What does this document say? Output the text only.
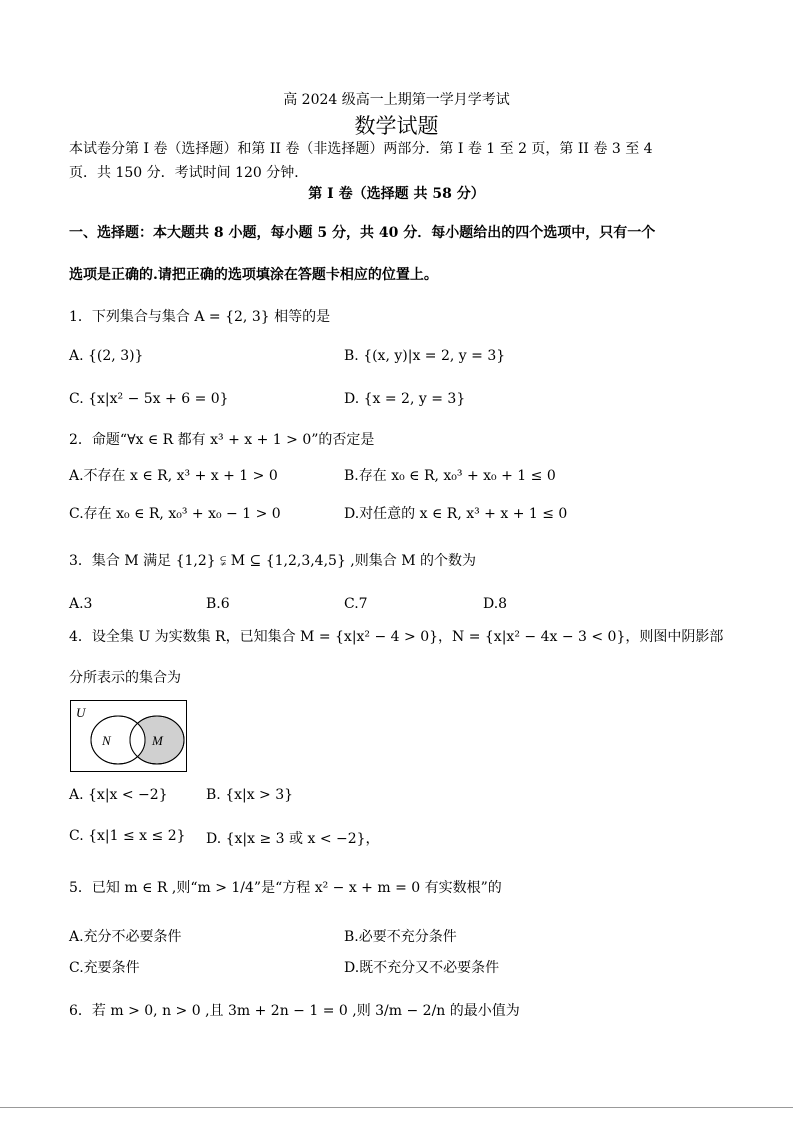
高 2024 级高一上期第一学月学考试
数学试题
本试卷分第 I 卷（选择题）和第 II 卷（非选择题）两部分．第 I 卷 1 至 2 页，第 II 卷 3 至 4
页．共 150 分．考试时间 120 分钟．
第 I 卷（选择题 共 58 分）
一、选择题：本大题共 8 小题，每小题 5 分，共 40 分．每小题给出的四个选项中，只有一个
选项是正确的.请把正确的选项填涂在答题卡相应的位置上。
1．下列集合与集合 A = {2, 3} 相等的是
A. {(2, 3)}	B. {(x, y)|x = 2, y = 3}
C. {x|x² − 5x + 6 = 0}	D. {x = 2, y = 3}
2．命题“∀x ∈ R 都有 x³ + x + 1 > 0”的否定是
A.不存在 x ∈ R, x³ + x + 1 > 0	B.存在 x₀ ∈ R, x₀³ + x₀ + 1 ≤ 0
C.存在 x₀ ∈ R, x₀³ + x₀ − 1 > 0	D.对任意的 x ∈ R, x³ + x + 1 ≤ 0
3．集合 M 满足 {1,2} ⫋ M ⊆ {1,2,3,4,5} ,则集合 M 的个数为
A.3	B.6	C.7	D.8
4．设全集 U 为实数集 R，已知集合 M = {x|x² − 4 > 0}，N = {x|x² − 4x − 3 < 0}，则图中阴影部
分所表示的集合为
U
N	M
A. {x|x < −2}	B. {x|x > 3}
C. {x|1 ≤ x ≤ 2} D. {x|x ≥ 3 或 x < −2}，
5．已知 m ∈ R ,则“m > 1/4”是“方程 x² − x + m = 0 有实数根”的
A.充分不必要条件	B.必要不充分条件
C.充要条件	D.既不充分又不必要条件
6．若 m > 0, n > 0 ,且 3m + 2n − 1 = 0 ,则 3/m − 2/n 的最小值为
